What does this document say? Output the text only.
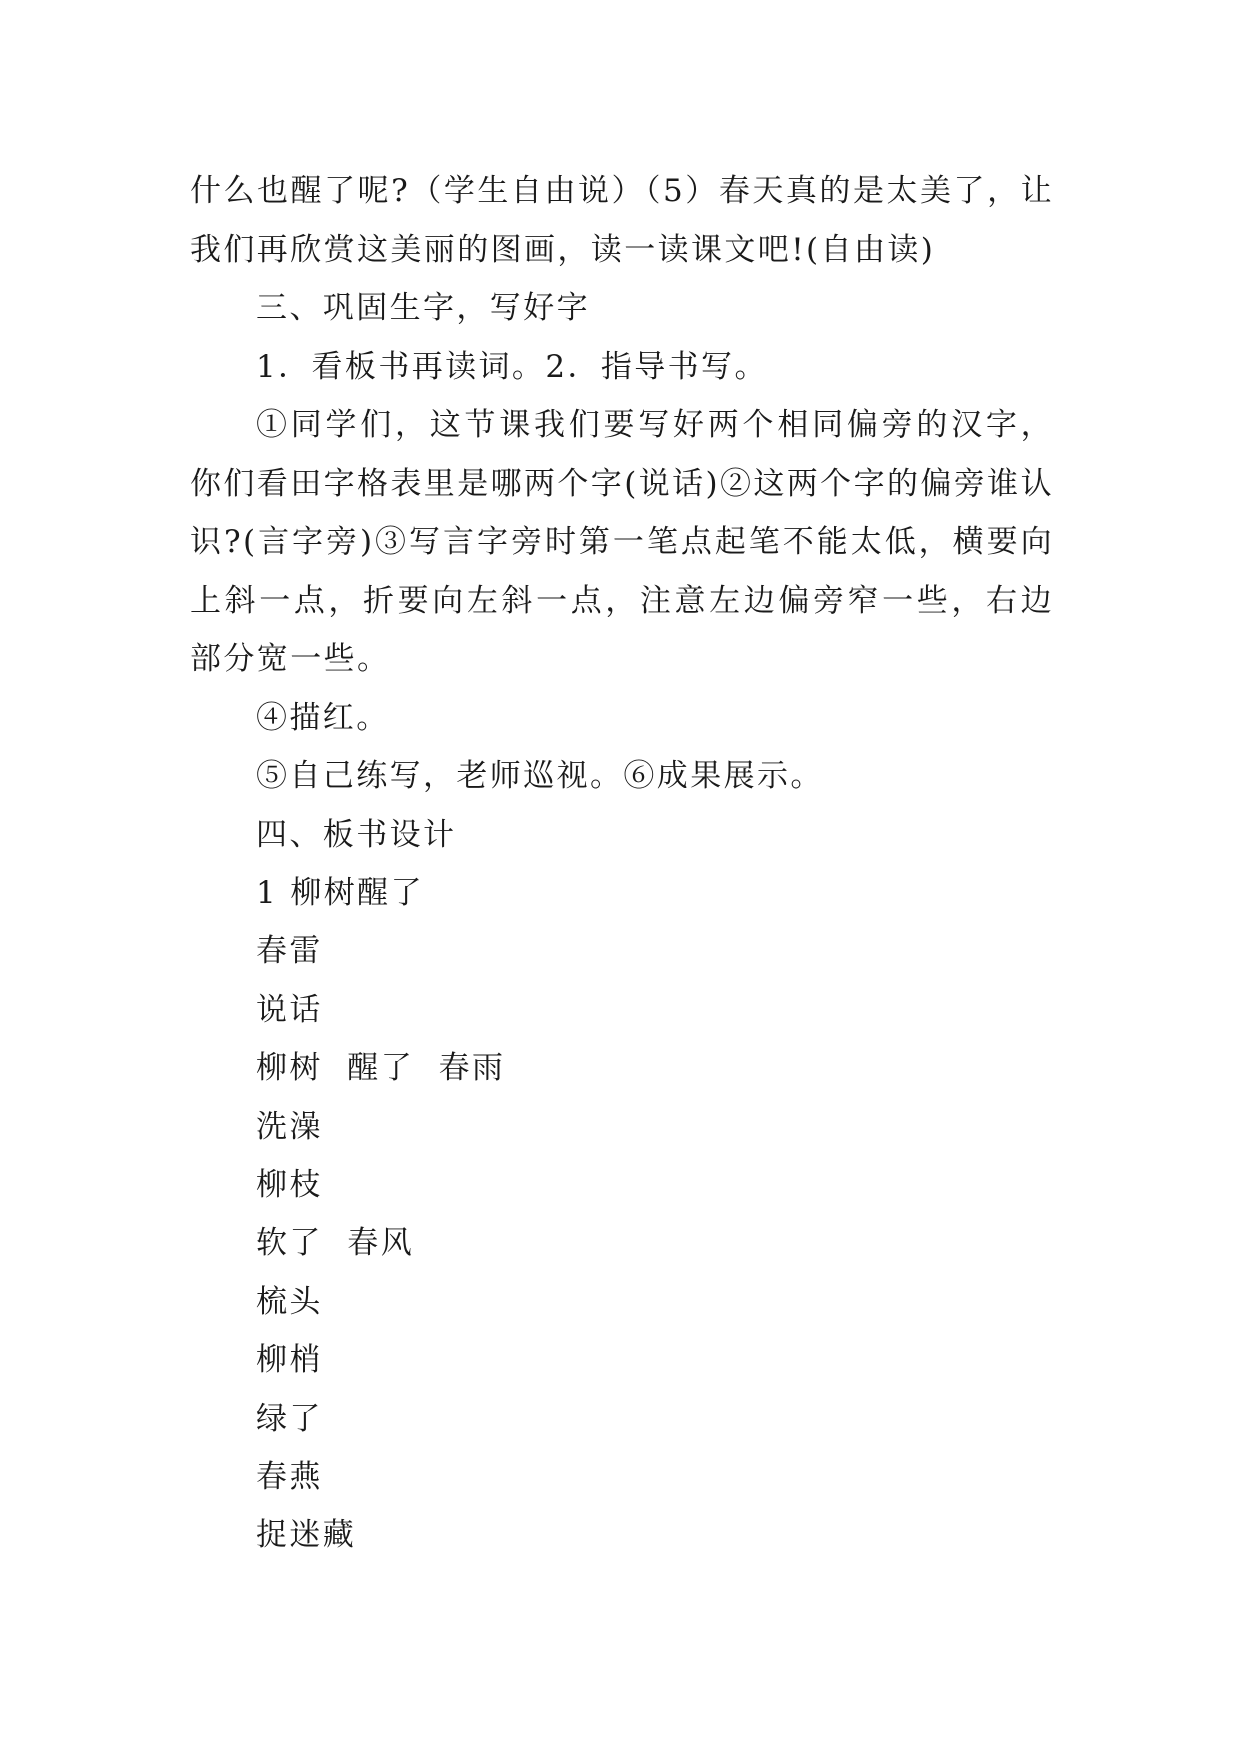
什么也醒了呢?（学生自由说）（5）春天真的是太美了，让我们再欣赏这美丽的图画，读一读课文吧!(自由读)

三、巩固生字，写好字

1．看板书再读词。2．指导书写。

①同学们，这节课我们要写好两个相同偏旁的汉字，你们看田字格表里是哪两个字(说话)②这两个字的偏旁谁认识?(言字旁)③写言字旁时第一笔点起笔不能太低，横要向上斜一点，折要向左斜一点，注意左边偏旁窄一些，右边部分宽一些。

④描红。

⑤自己练写，老师巡视。⑥成果展示。

四、板书设计

1 柳树醒了

春雷

说话

柳树  醒了  春雨

洗澡

柳枝

软了  春风

梳头

柳梢

绿了

春燕

捉迷藏
